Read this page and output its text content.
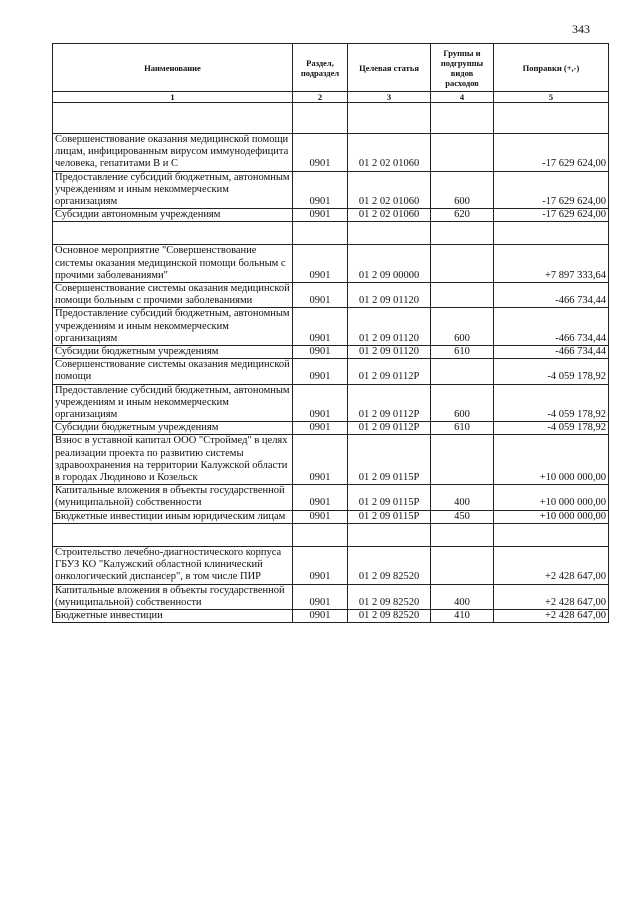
343
Наименование	Раздел, подраздел	Целевая статья	Группы и подгруппы видов расходов	Поправки (+,-)
1	2	3	4	5

Совершенствование оказания медицинской помощи лицам, инфицированным вирусом иммунодефицита человека, гепатитами B и C	0901	01 2 02 01060		-17 629 624,00
Предоставление субсидий бюджетным, автономным учреждениям и иным некоммерческим организациям	0901	01 2 02 01060	600	-17 629 624,00
Субсидии автономным учреждениям	0901	01 2 02 01060	620	-17 629 624,00

Основное мероприятие "Совершенствование системы оказания медицинской помощи больным с прочими заболеваниями"	0901	01 2 09 00000		+7 897 333,64
Совершенствование системы оказания медицинской помощи больным с прочими заболеваниями	0901	01 2 09 01120		-466 734,44
Предоставление субсидий бюджетным, автономным учреждениям и иным некоммерческим организациям	0901	01 2 09 01120	600	-466 734,44
Субсидии бюджетным учреждениям	0901	01 2 09 01120	610	-466 734,44
Совершенствование системы оказания медицинской помощи	0901	01 2 09 0112Р		-4 059 178,92
Предоставление субсидий бюджетным, автономным учреждениям и иным некоммерческим организациям	0901	01 2 09 0112Р	600	-4 059 178,92
Субсидии бюджетным учреждениям	0901	01 2 09 0112Р	610	-4 059 178,92
Взнос в уставной капитал ООО "Строймед" в целях реализации проекта по развитию системы здравоохранения на территории Калужской области в городах Людиново и Козельск	0901	01 2 09 0115Р		+10 000 000,00
Капитальные вложения в объекты государственной (муниципальной) собственности	0901	01 2 09 0115Р	400	+10 000 000,00
Бюджетные инвестиции иным юридическим лицам	0901	01 2 09 0115Р	450	+10 000 000,00

Строительство лечебно-диагностического корпуса ГБУЗ КО "Калужский областной клинический онкологический диспансер", в том числе ПИР	0901	01 2 09 82520		+2 428 647,00
Капитальные вложения в объекты государственной (муниципальной) собственности	0901	01 2 09 82520	400	+2 428 647,00
Бюджетные инвестиции	0901	01 2 09 82520	410	+2 428 647,00
